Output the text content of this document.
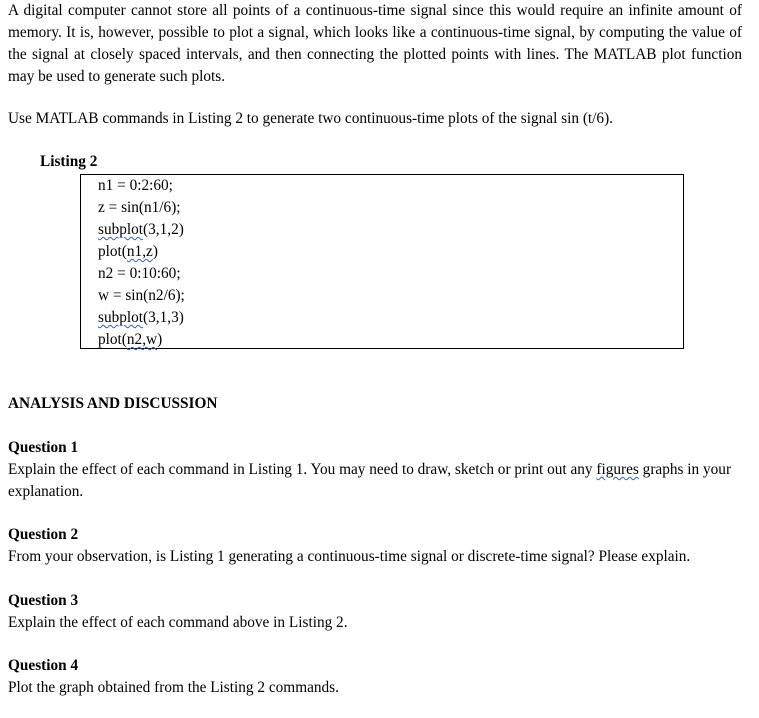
A digital computer cannot store all points of a continuous-time signal since this would require an infinite amount of memory. It is, however, possible to plot a signal, which looks like a continuous-time signal, by computing the value of the signal at closely spaced intervals, and then connecting the plotted points with lines. The MATLAB plot function may be used to generate such plots.

Use MATLAB commands in Listing 2 to generate two continuous-time plots of the signal sin (t/6).

Listing 2
n1 = 0:2:60;
z = sin(n1/6);
subplot(3,1,2)
plot(n1,z)
n2 = 0:10:60;
w = sin(n2/6);
subplot(3,1,3)
plot(n2,w)
ANALYSIS AND DISCUSSION
Question 1

Explain the effect of each command in Listing 1. You may need to draw, sketch or print out any figures graphs in your explanation.

Question 2

From your observation, is Listing 1 generating a continuous-time signal or discrete-time signal? Please explain.

Question 3

Explain the effect of each command above in Listing 2.

Question 4

Plot the graph obtained from the Listing 2 commands.
